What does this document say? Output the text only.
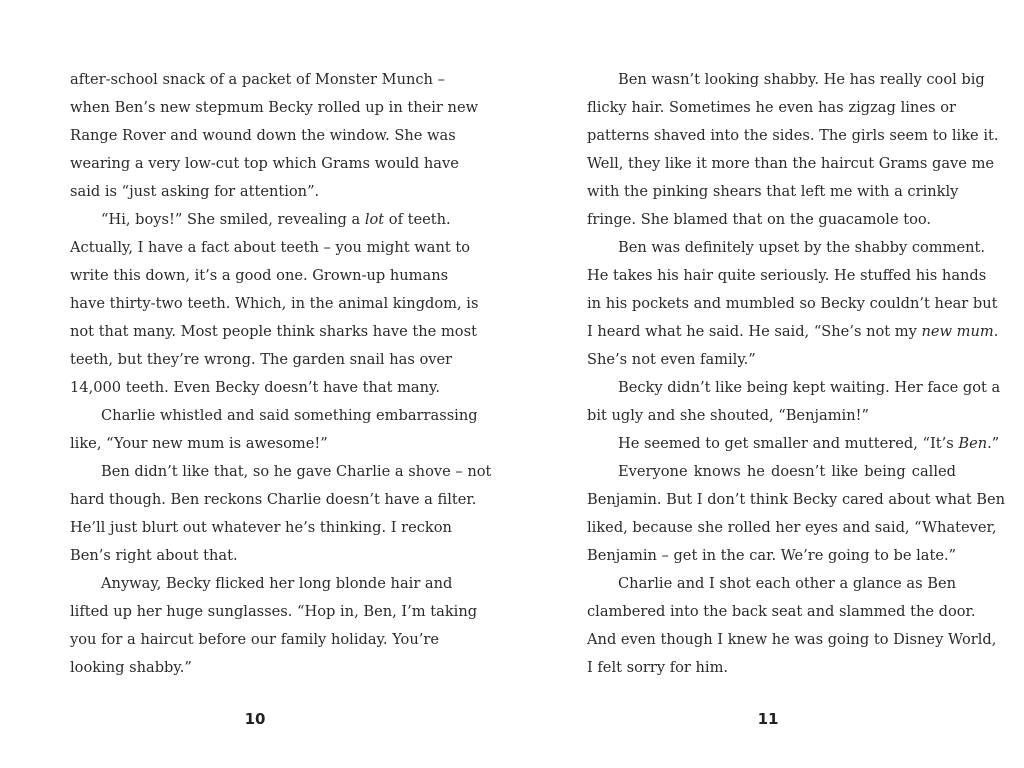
after-school snack of a packet of Monster Munch –
when Ben’s new stepmum Becky rolled up in their new
Range Rover and wound down the window. She was
wearing a very low-cut top which Grams would have
said is “just asking for attention”.
“Hi, boys!” She smiled, revealing a lot of teeth.
Actually, I have a fact about teeth – you might want to
write this down, it’s a good one. Grown-up humans
have thirty-two teeth. Which, in the animal kingdom, is
not that many. Most people think sharks have the most
teeth, but they’re wrong. The garden snail has over
14,000 teeth. Even Becky doesn’t have that many.
Charlie whistled and said something embarrassing
like, “Your new mum is awesome!”
Ben didn’t like that, so he gave Charlie a shove – not
hard though. Ben reckons Charlie doesn’t have a filter.
He’ll just blurt out whatever he’s thinking. I reckon
Ben’s right about that.
Anyway, Becky flicked her long blonde hair and
lifted up her huge sunglasses. “Hop in, Ben, I’m taking
you for a haircut before our family holiday. You’re
looking shabby.”
Ben wasn’t looking shabby. He has really cool big
flicky hair. Sometimes he even has zigzag lines or
patterns shaved into the sides. The girls seem to like it.
Well, they like it more than the haircut Grams gave me
with the pinking shears that left me with a crinkly
fringe. She blamed that on the guacamole too.
Ben was definitely upset by the shabby comment.
He takes his hair quite seriously. He stuffed his hands
in his pockets and mumbled so Becky couldn’t hear but
I heard what he said. He said, “She’s not my new mum.
She’s not even family.”
Becky didn’t like being kept waiting. Her face got a
bit ugly and she shouted, “Benjamin!”
He seemed to get smaller and muttered, “It’s Ben.”
Everyone knows he doesn’t like being called
Benjamin. But I don’t think Becky cared about what Ben
liked, because she rolled her eyes and said, “Whatever,
Benjamin – get in the car. We’re going to be late.”
Charlie and I shot each other a glance as Ben
clambered into the back seat and slammed the door.
And even though I knew he was going to Disney World,
I felt sorry for him.
10	11
